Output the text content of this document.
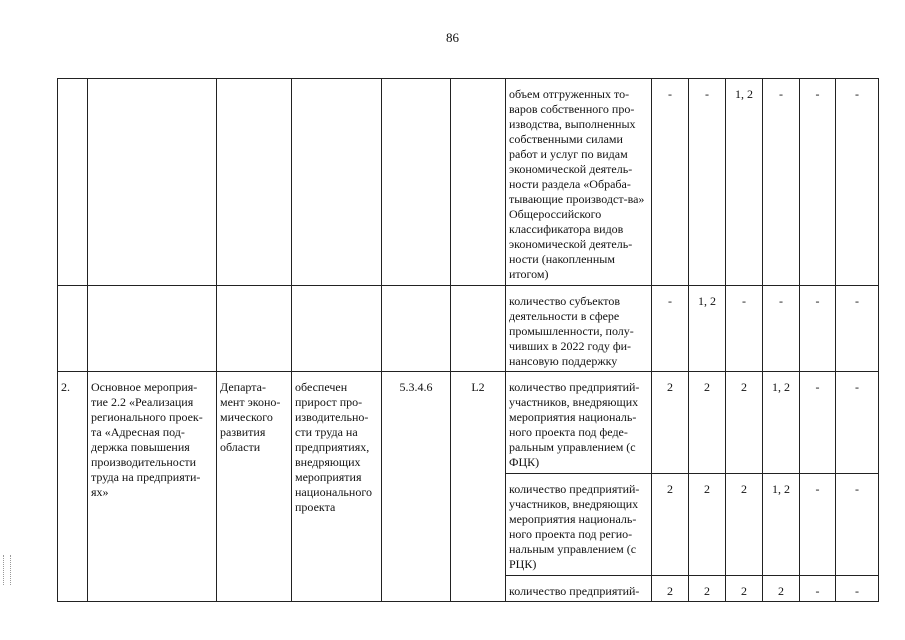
86
						объем отгруженных то-варов собственного про-изводства, выполненных собственными силами работ и услуг по видам экономической деятель-ности раздела «Обраба-тывающие производст-ва» Общероссийского классификатора видов экономической деятель-ности (накопленным итогом)	-	-	1, 2	-	-	-
						количество субъектов деятельности в сфере промышленности, полу-чивших в 2022 году фи-нансовую поддержку	-	1, 2	-	-	-	-
2.	Основное мероприя-тие 2.2 «Реализация регионального проек-та «Адресная под-держка повышения производительности труда на предприяти-ях»	Департа-мент эконо-мического развития области	обеспечен прирост про-изводительно-сти труда на предприятиях, внедряющих мероприятия национального проекта	5.3.4.6	L2	количество предприятий-участников, внедряющих мероприятия националь-ного проекта под феде-ральным управлением (с ФЦК)	2	2	2	1, 2	-	-
						количество предприятий-участников, внедряющих мероприятия националь-ного проекта под регио-нальным управлением (с РЦК)	2	2	2	1, 2	-	-
						количество предприятий-	2	2	2	2	-	-
